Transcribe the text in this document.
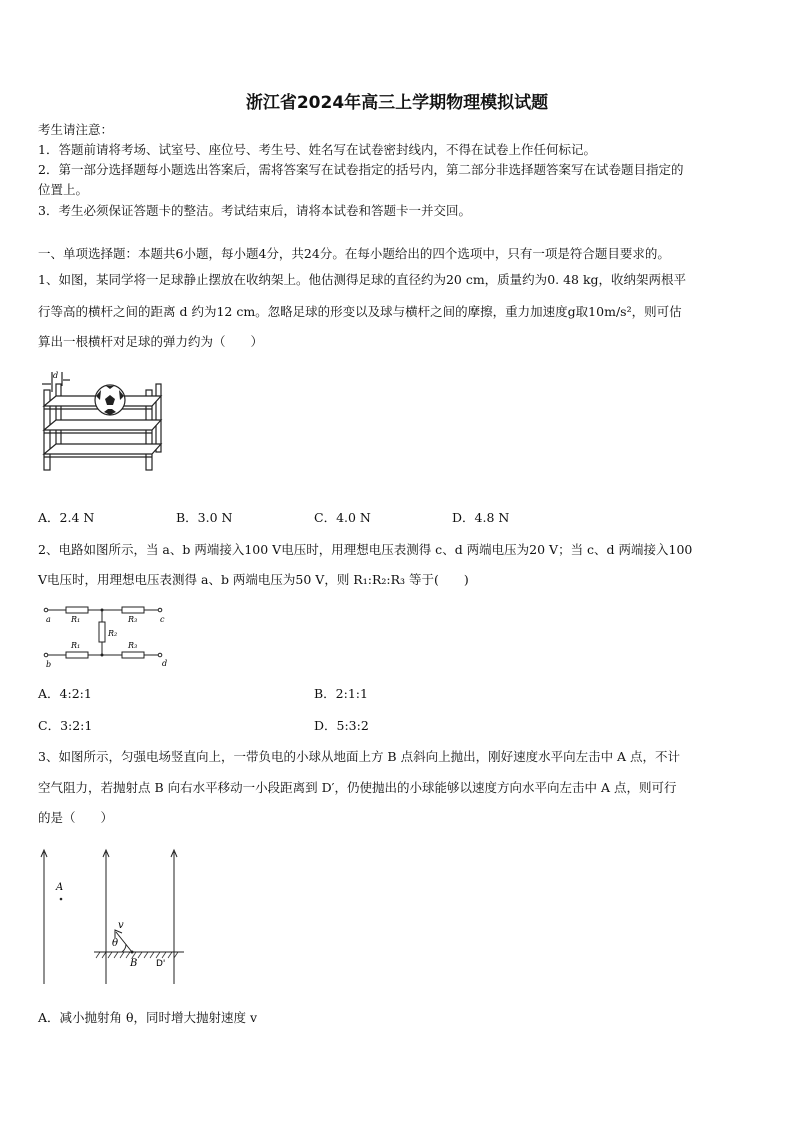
浙江省2024年高三上学期物理模拟试题
考生请注意：
1．答题前请将考场、试室号、座位号、考生号、姓名写在试卷密封线内，不得在试卷上作任何标记。
2．第一部分选择题每小题选出答案后，需将答案写在试卷指定的括号内，第二部分非选择题答案写在试卷题目指定的
位置上。
3．考生必须保证答题卡的整洁。考试结束后，请将本试卷和答题卡一并交回。
一、单项选择题：本题共6小题，每小题4分，共24分。在每小题给出的四个选项中，只有一项是符合题目要求的。
1、如图，某同学将一足球静止摆放在收纳架上。他估测得足球的直径约为20 cm，质量约为0. 48 kg，收纳架两根平
行等高的横杆之间的距离 d 约为12 cm。忽略足球的形变以及球与横杆之间的摩擦，重力加速度g取10m/s²，则可估
算出一根横杆对足球的弹力约为（　　）
d
A．2.4 N	B．3.0 N	C．4.0 N	D．4.8 N
2、电路如图所示，当 a、b 两端接入100 V电压时，用理想电压表测得 c、d 两端电压为20 V；当 c、d 两端接入100
V电压时，用理想电压表测得 a、b 两端电压为50 V，则 R₁:R₂:R₃ 等于(　　)
a
b
c
d
R₁	R₃
R₂
R₁	R₃
A．4:2:1	B．2:1:1
C．3:2:1	D．5:3:2
3、如图所示，匀强电场竖直向上，一带负电的小球从地面上方 B 点斜向上抛出，刚好速度水平向左击中 A 点，不计
空气阻力，若抛射点 B 向右水平移动一小段距离到 D′，仍使抛出的小球能够以速度方向水平向左击中 A 点，则可行
的是（　　）
A
v
θ
B D'
A．减小抛射角 θ，同时增大抛射速度 v
